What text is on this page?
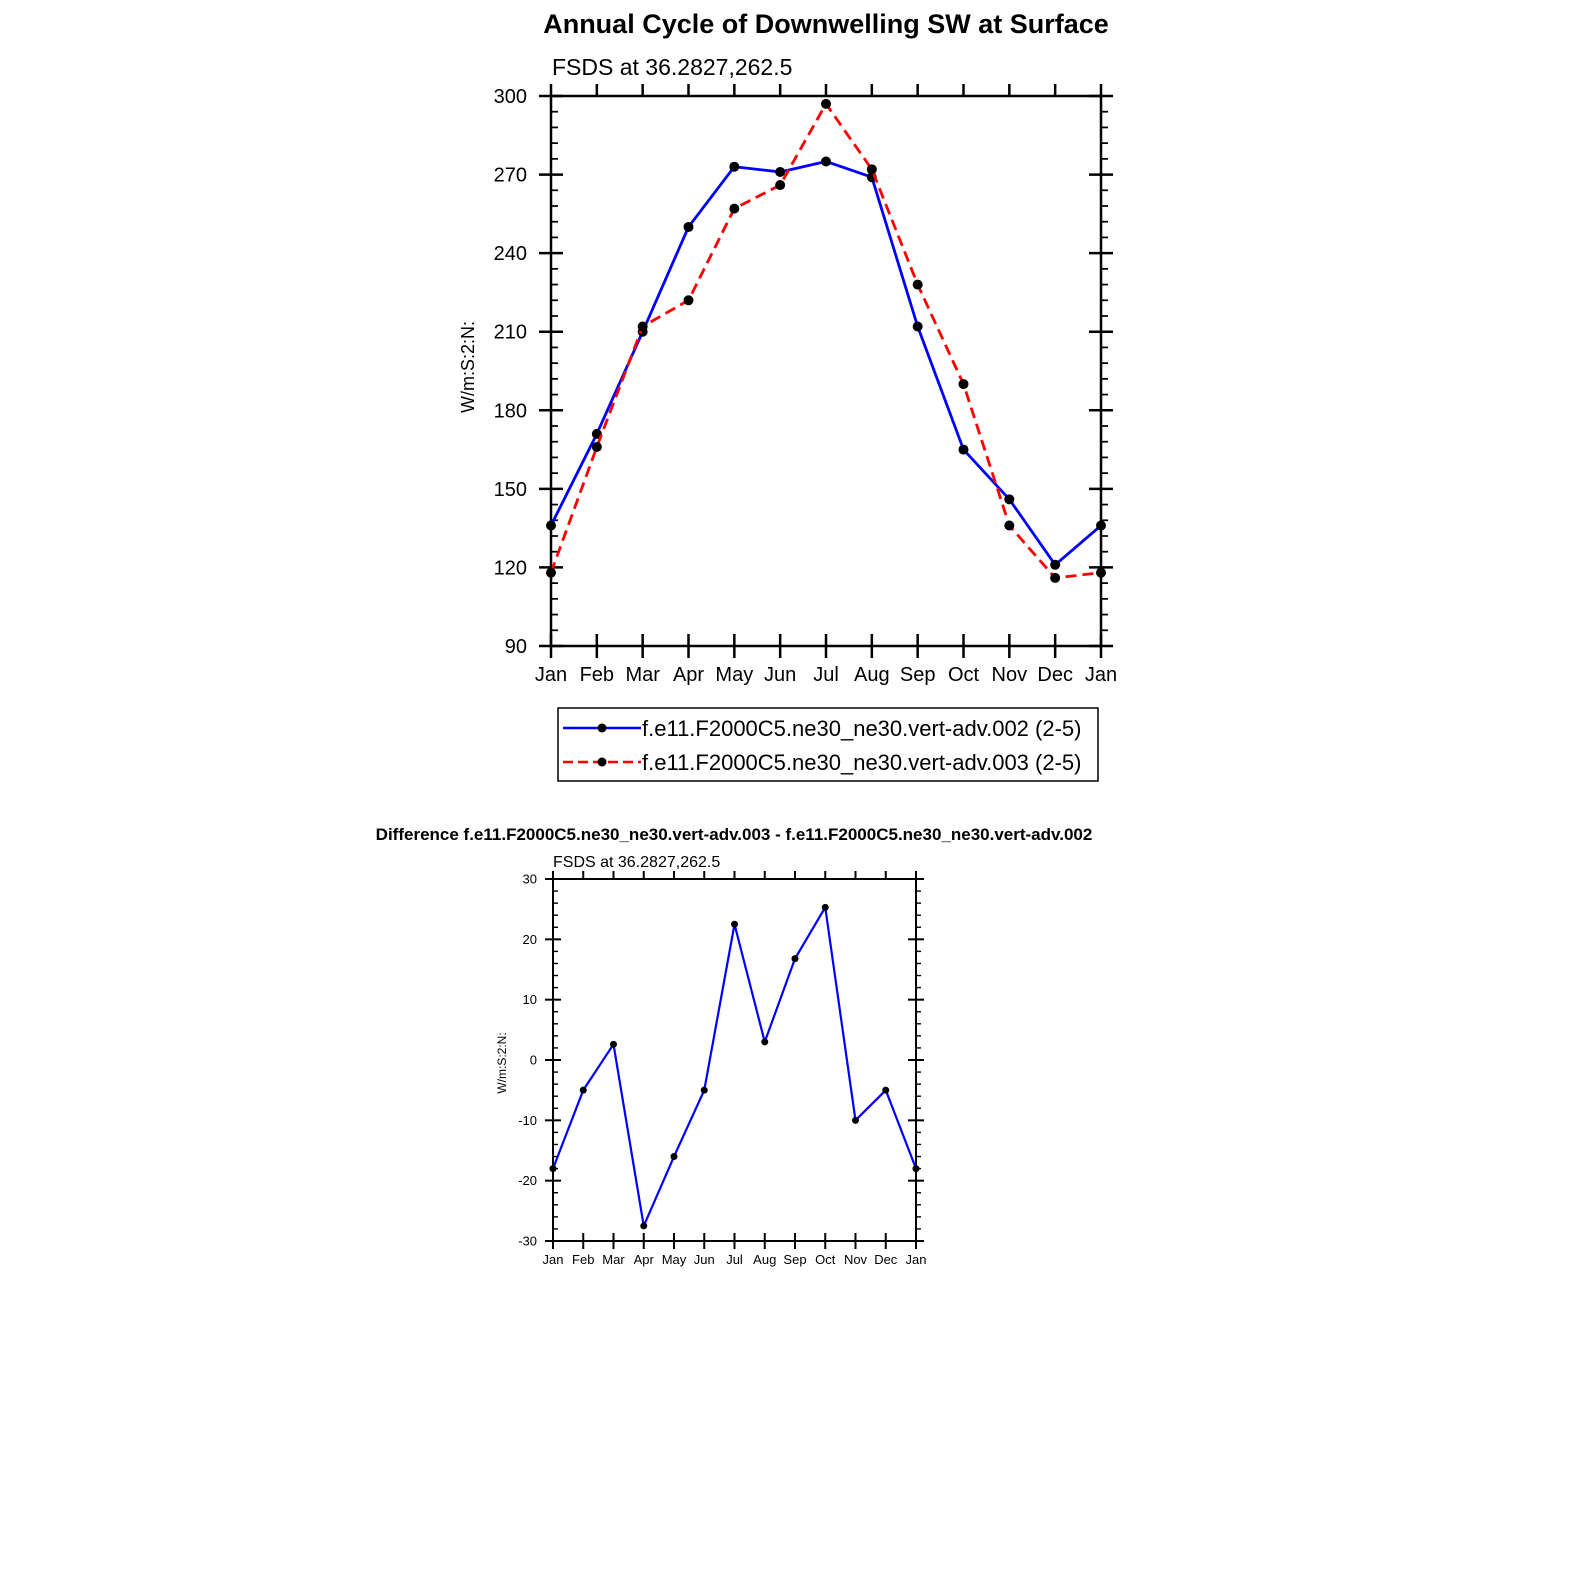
Annual Cycle of Downwelling SW at Surface
FSDS at 36.2827,262.5
W/m:S:2:N:
Jan Feb Mar Apr May Jun Jul Aug Sep Oct Nov Dec Jan
90
120
150
180
210
240
270
300
f.e11.F2000C5.ne30_ne30.vert-adv.002 (2-5)
f.e11.F2000C5.ne30_ne30.vert-adv.003 (2-5)
Difference f.e11.F2000C5.ne30_ne30.vert-adv.003 - f.e11.F2000C5.ne30_ne30.vert-adv.002
FSDS at 36.2827,262.5
W/m:S:2:N:
Jan Feb Mar Apr May Jun Jul Aug Sep Oct Nov Dec Jan
-30
-20
-10
0
10
20
30
